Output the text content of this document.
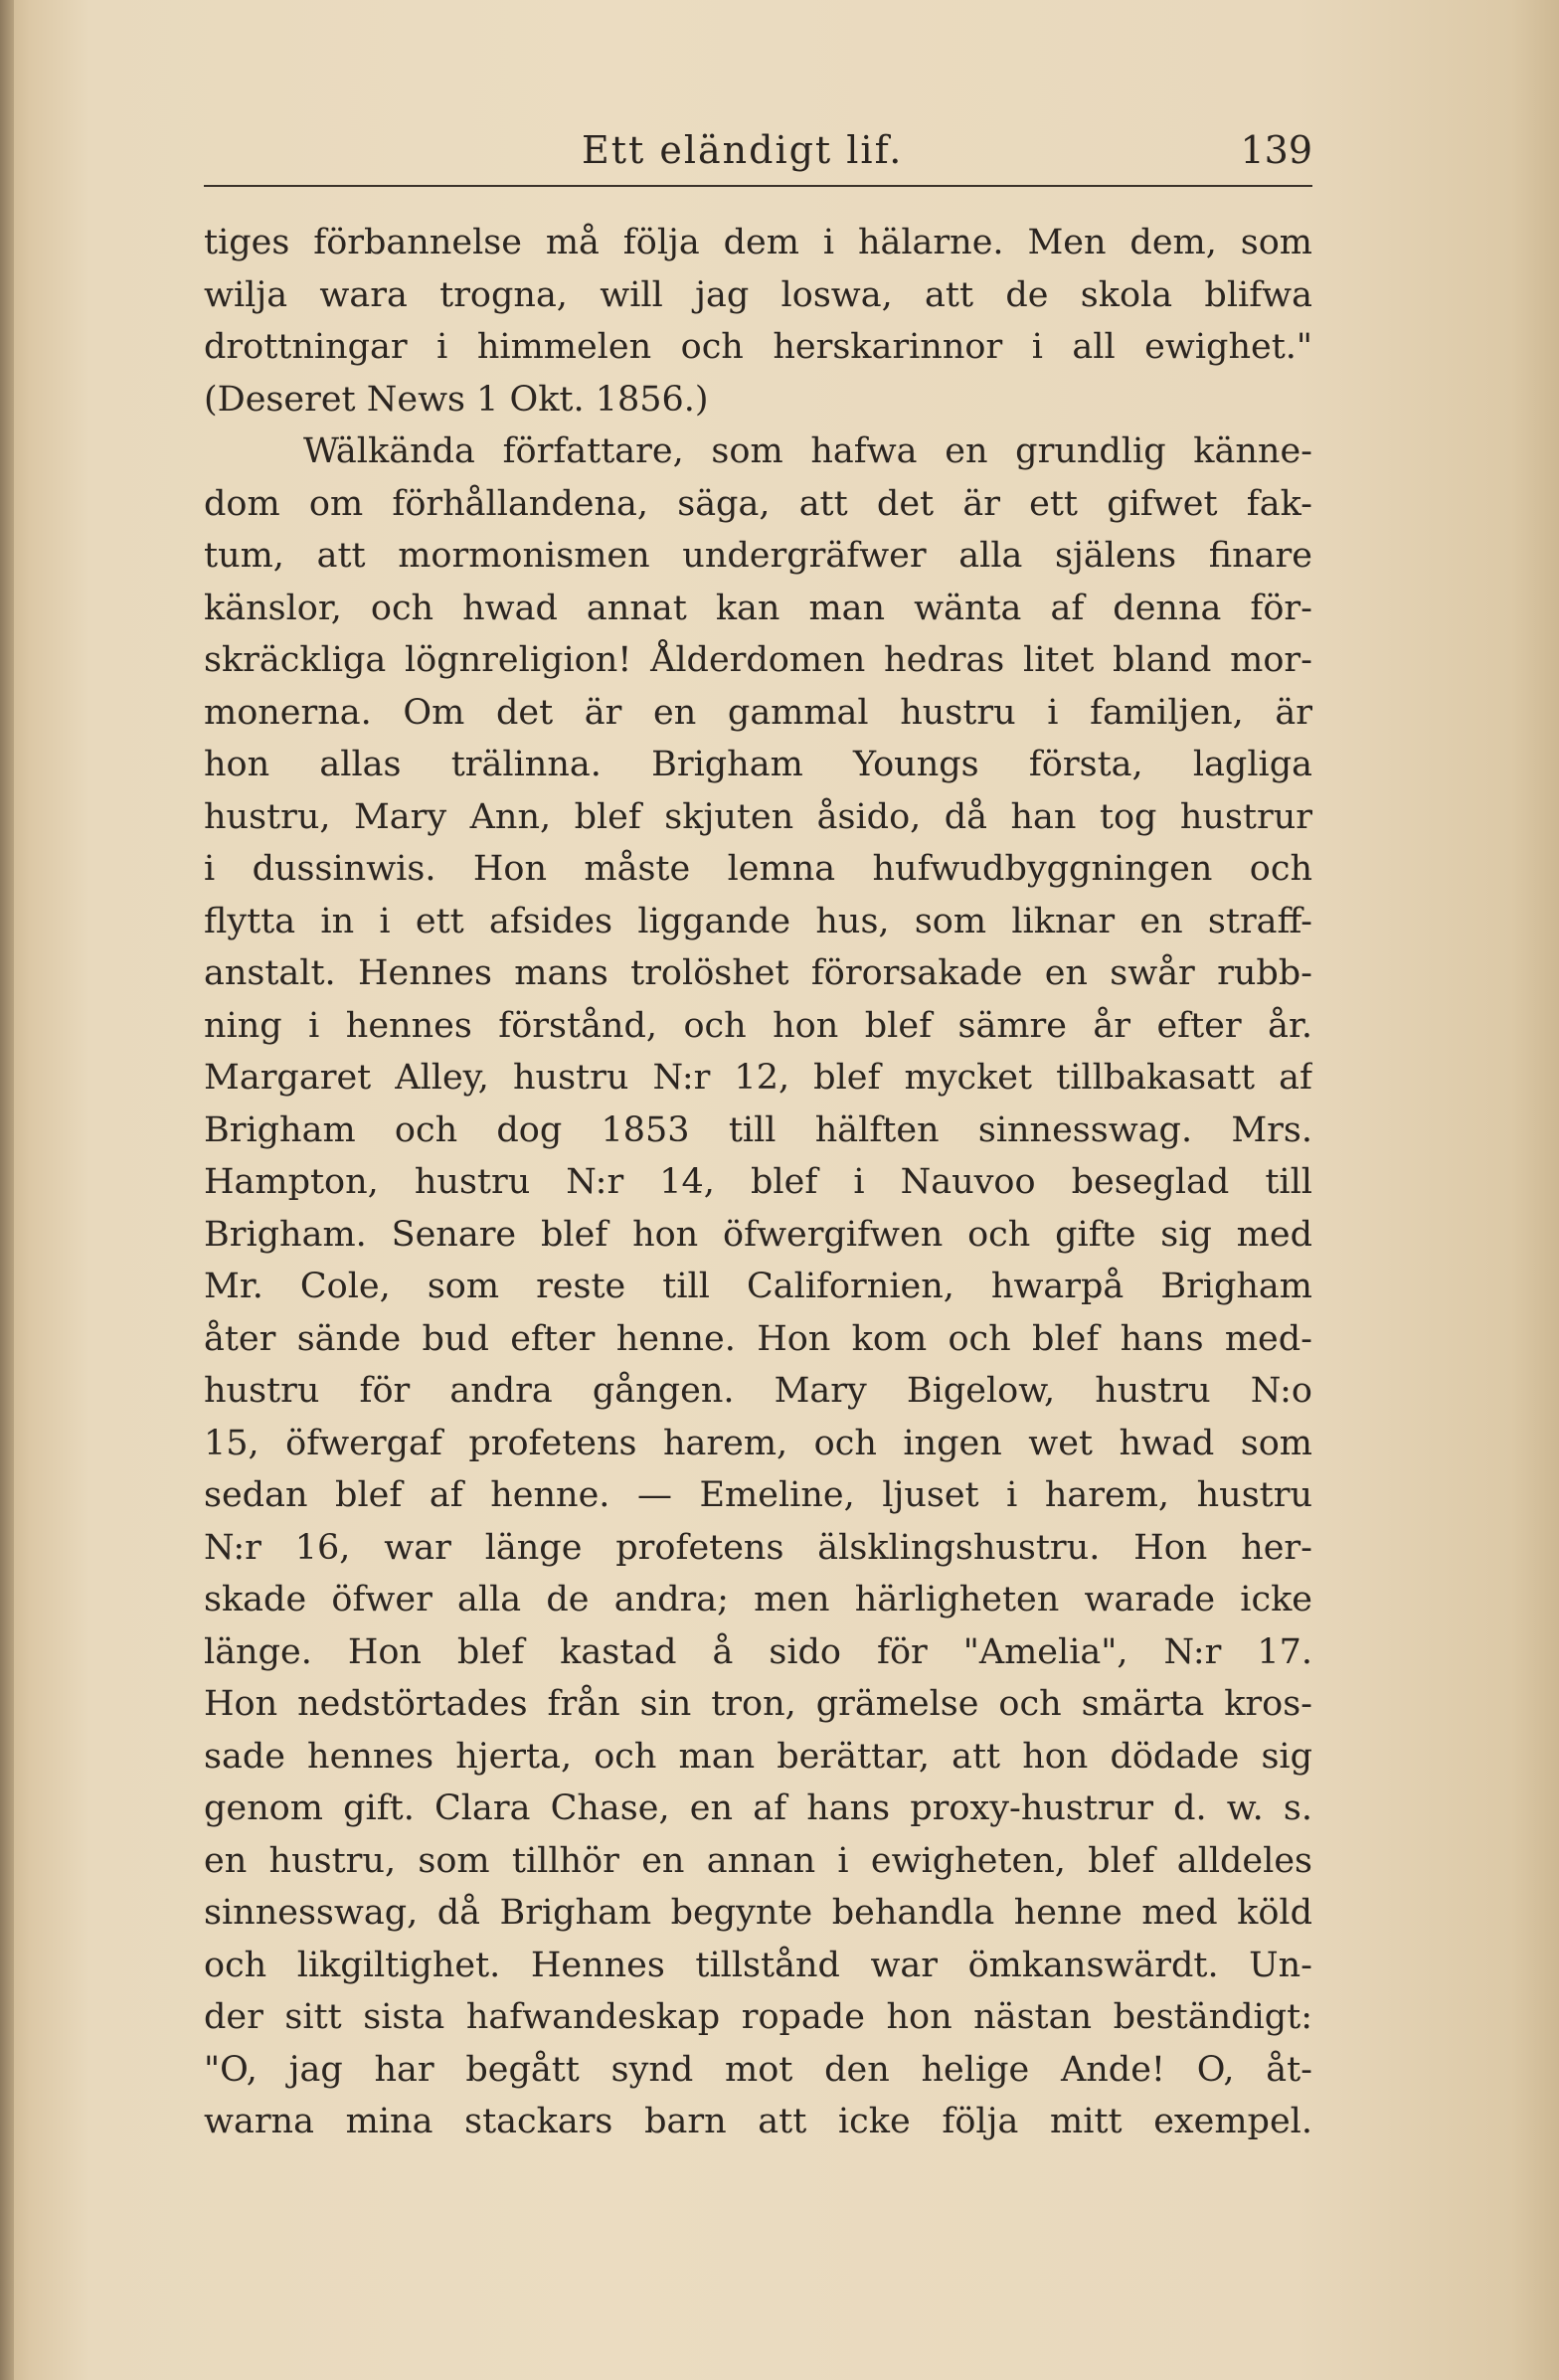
Ett eländigt lif.	139
tiges förbannelse må följa dem i hälarne. Men dem, som
wilja wara trogna, will jag loswa, att de skola blifwa
drottningar i himmelen och herskarinnor i all ewighet."
(Deseret News 1 Okt. 1856.)
Wälkända författare, som hafwa en grundlig känne-
dom om förhållandena, säga, att det är ett gifwet fak-
tum, att mormonismen undergräfwer alla själens finare
känslor, och hwad annat kan man wänta af denna för-
skräckliga lögnreligion! Ålderdomen hedras litet bland mor-
monerna. Om det är en gammal hustru i familjen, är
hon allas trälinna. Brigham Youngs första, lagliga
hustru, Mary Ann, blef skjuten åsido, då han tog hustrur
i dussinwis. Hon måste lemna hufwudbyggningen och
flytta in i ett afsides liggande hus, som liknar en straff-
anstalt. Hennes mans trolöshet förorsakade en swår rubb-
ning i hennes förstånd, och hon blef sämre år efter år.
Margaret Alley, hustru N:r 12, blef mycket tillbakasatt af
Brigham och dog 1853 till hälften sinnesswag. Mrs.
Hampton, hustru N:r 14, blef i Nauvoo beseglad till
Brigham. Senare blef hon öfwergifwen och gifte sig med
Mr. Cole, som reste till Californien, hwarpå Brigham
åter sände bud efter henne. Hon kom och blef hans med-
hustru för andra gången. Mary Bigelow, hustru N:o
15, öfwergaf profetens harem, och ingen wet hwad som
sedan blef af henne. — Emeline, ljuset i harem, hustru
N:r 16, war länge profetens älsklingshustru. Hon her-
skade öfwer alla de andra; men härligheten warade icke
länge. Hon blef kastad å sido för "Amelia", N:r 17.
Hon nedstörtades från sin tron, grämelse och smärta kros-
sade hennes hjerta, och man berättar, att hon dödade sig
genom gift. Clara Chase, en af hans proxy-hustrur d. w. s.
en hustru, som tillhör en annan i ewigheten, blef alldeles
sinnesswag, då Brigham begynte behandla henne med köld
och likgiltighet. Hennes tillstånd war ömkanswärdt. Un-
der sitt sista hafwandeskap ropade hon nästan beständigt:
"O, jag har begått synd mot den helige Ande! O, åt-
warna mina stackars barn att icke följa mitt exempel.
